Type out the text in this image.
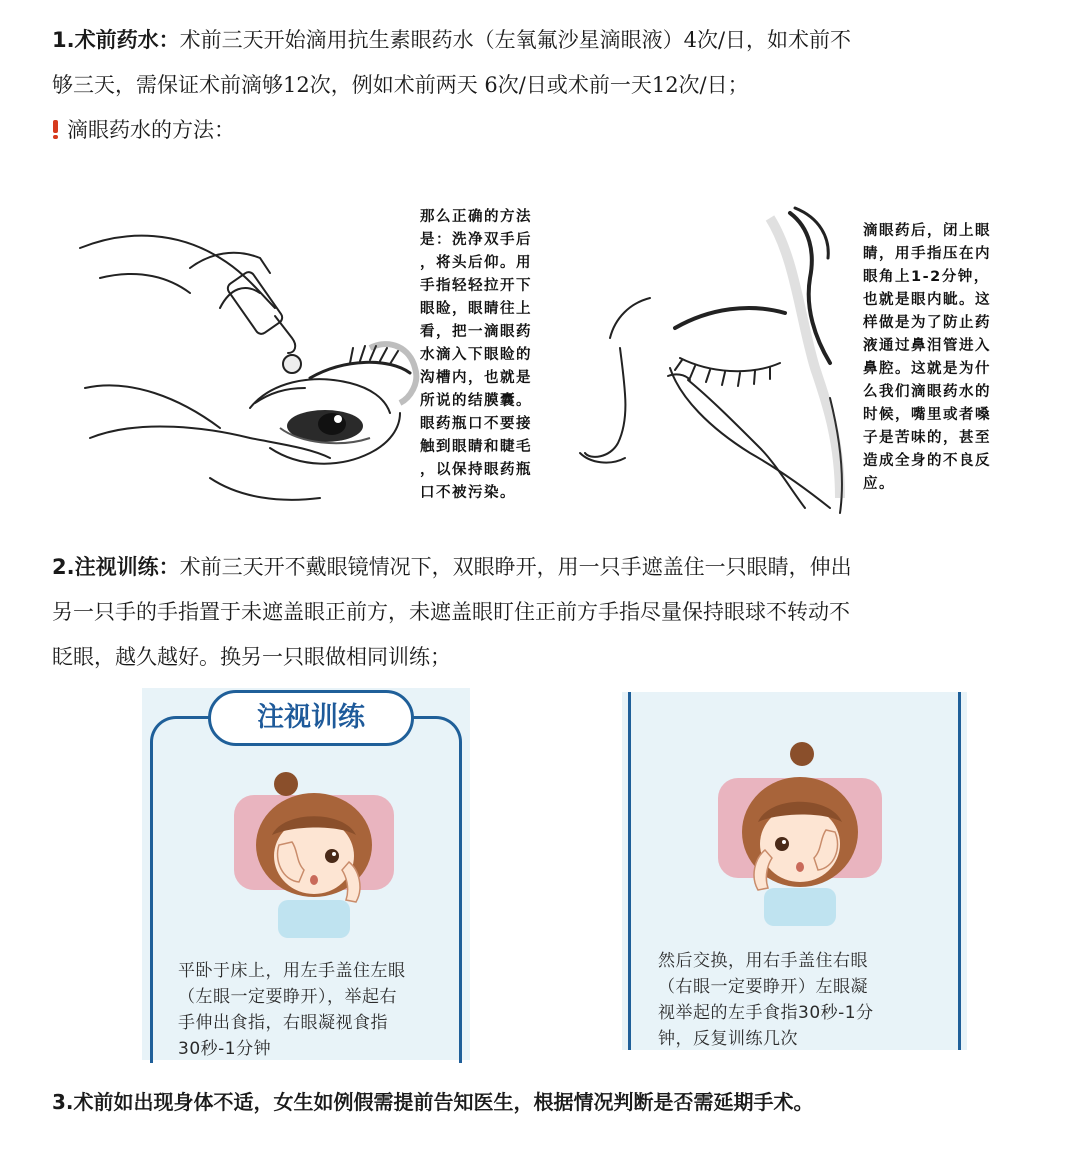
1.术前药水：术前三天开始滴用抗生素眼药水（左氧氟沙星滴眼液）4次/日，如术前不
够三天，需保证术前滴够12次，例如术前两天 6次/日或术前一天12次/日；
滴眼药水的方法：
那么正确的方法
是：洗净双手后
，将头后仰。用
手指轻轻拉开下
眼睑，眼睛往上
看，把一滴眼药
水滴入下眼睑的
沟槽内，也就是
所说的结膜囊。
眼药瓶口不要接
触到眼睛和睫毛
，以保持眼药瓶
口不被污染。
滴眼药后，闭上眼
睛，用手指压在内
眼角上1-2分钟，
也就是眼内眦。这
样做是为了防止药
液通过鼻泪管进入
鼻腔。这就是为什
么我们滴眼药水的
时候，嘴里或者嗓
子是苦味的，甚至
造成全身的不良反
应。
2.注视训练：术前三天开不戴眼镜情况下，双眼睁开，用一只手遮盖住一只眼睛，伸出
另一只手的手指置于未遮盖眼正前方，未遮盖眼盯住正前方手指尽量保持眼球不转动不
眨眼，越久越好。换另一只眼做相同训练；
注视训练
平卧于床上，用左手盖住左眼
（左眼一定要睁开），举起右
手伸出食指，右眼凝视食指
30秒-1分钟
然后交换，用右手盖住右眼
（右眼一定要睁开）左眼凝
视举起的左手食指30秒-1分
钟，反复训练几次
3.术前如出现身体不适，女生如例假需提前告知医生，根据情况判断是否需延期手术。
